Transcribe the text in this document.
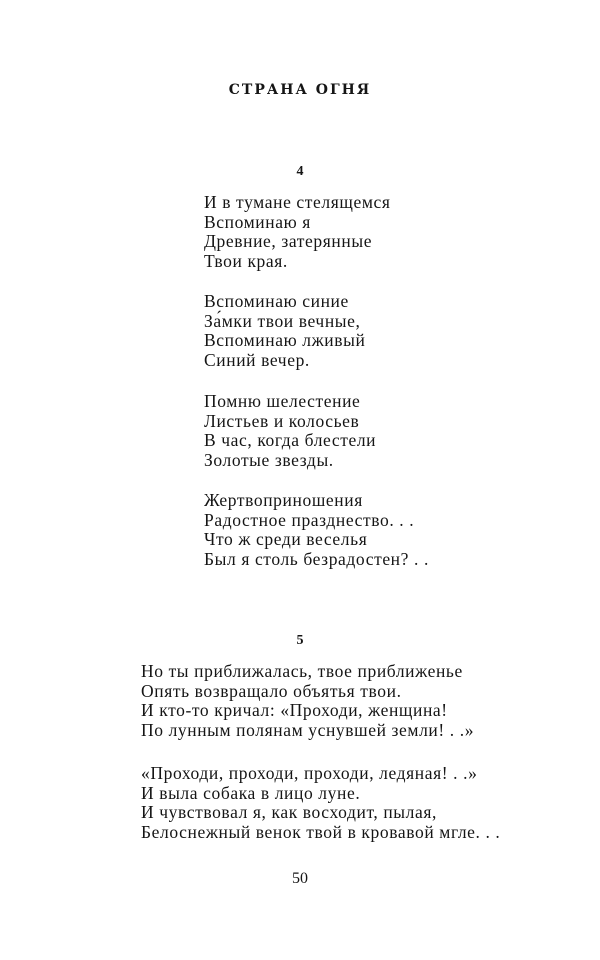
СТРАНА ОГНЯ
4
И в тумане стелящемся
Вспоминаю я
Древние, затерянные
Твои края.
Вспоминаю синие
За́мки твои вечные,
Вспоминаю лживый
Синий вечер.
Помню шелестение
Листьев и колосьев
В час, когда блестели
Золотые звезды.
Жертвоприношения
Радостное празднество. . .
Что ж среди веселья
Был я столь безрадостен? . .
5
Но ты приближалась, твое приближенье
Опять возвращало объятья твои.
И кто-то кричал: «Проходи, женщина!
По лунным полянам уснувшей земли! . .»
«Проходи, проходи, проходи, ледяная! . .»
И выла собака в лицо луне.
И чувствовал я, как восходит, пылая,
Белоснежный венок твой в кровавой мгле. . .
50
